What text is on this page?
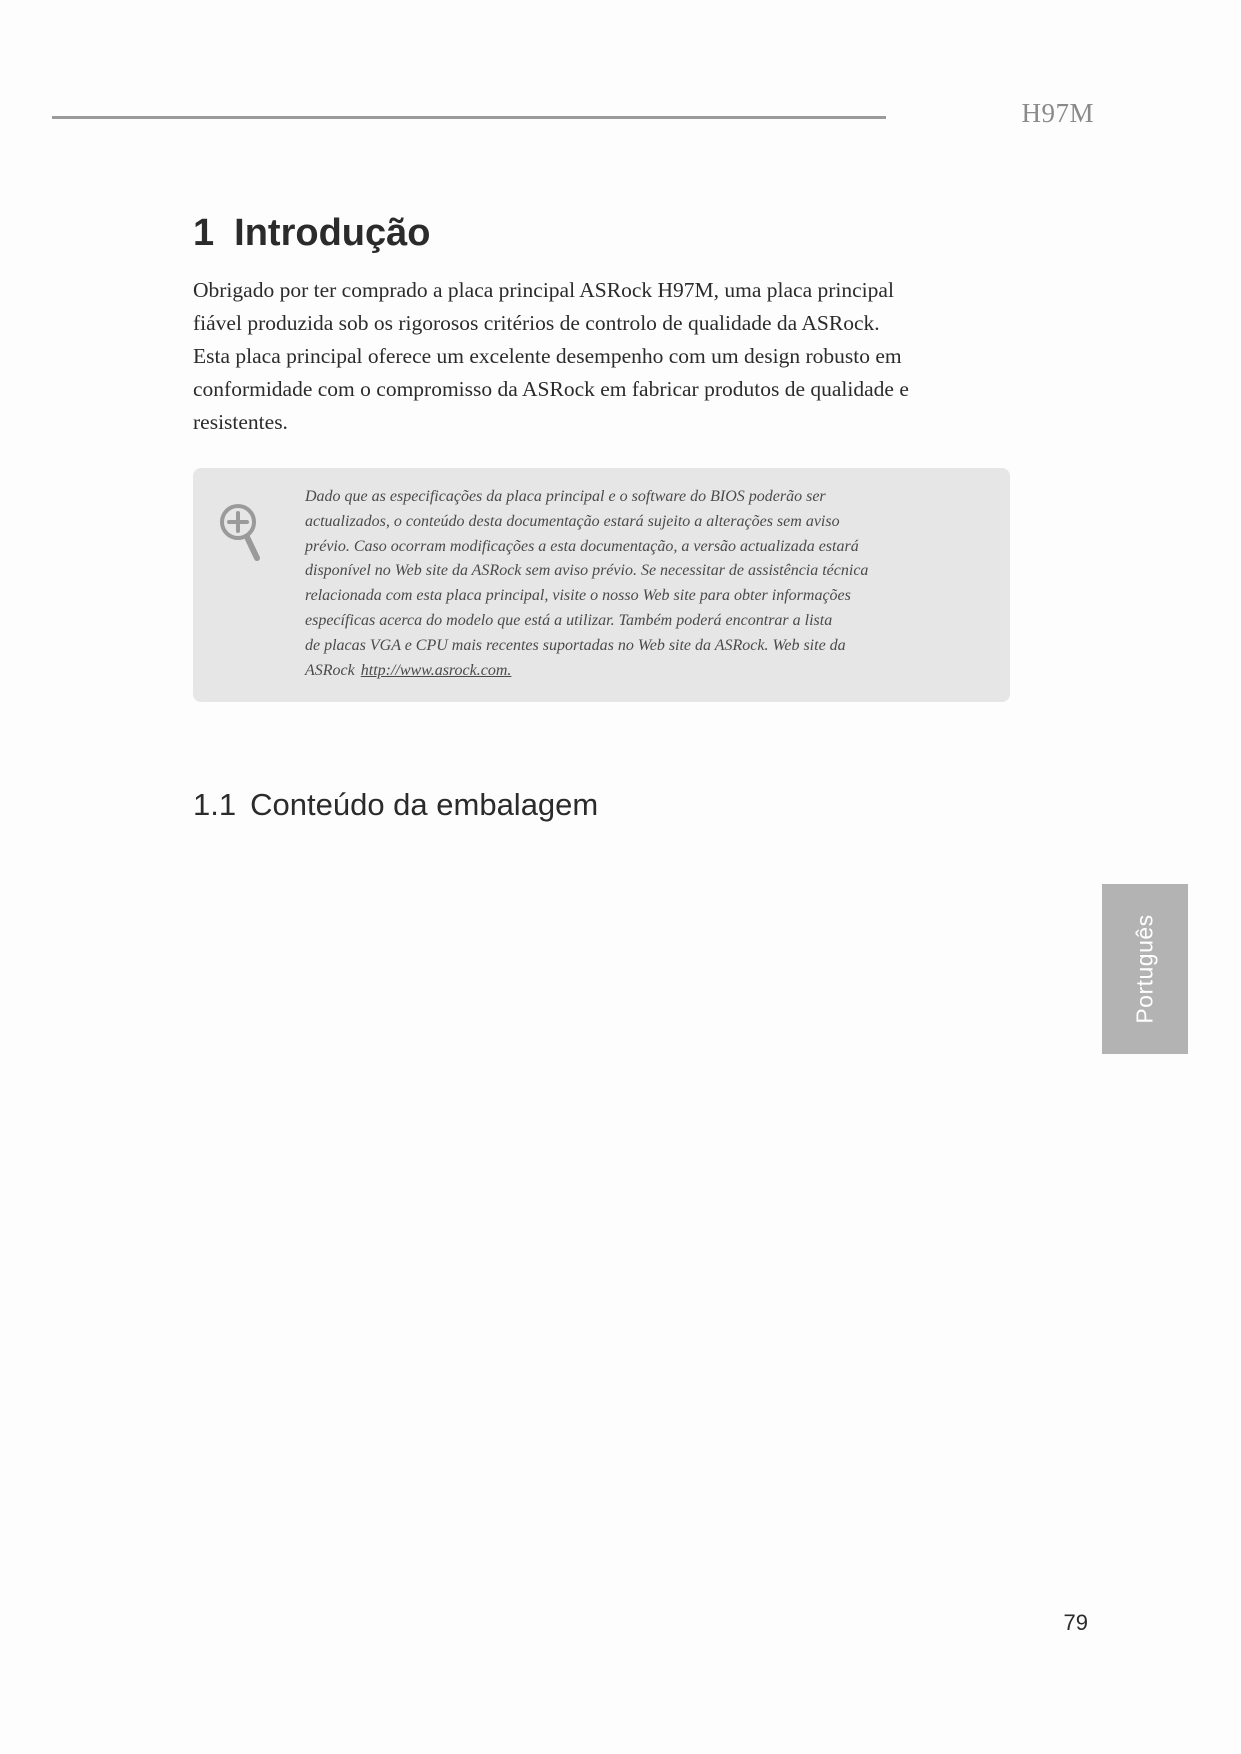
H97M
1 Introdução

Obrigado por ter comprado a placa principal ASRock H97M, uma placa principal
fiável produzida sob os rigorosos critérios de controlo de qualidade da ASRock.
Esta placa principal oferece um excelente desempenho com um design robusto em
conformidade com o compromisso da ASRock em fabricar produtos de qualidade e
resistentes.

Dado que as especificações da placa principal e o software do BIOS poderão ser
actualizados, o conteúdo desta documentação estará sujeito a alterações sem aviso
prévio. Caso ocorram modificações a esta documentação, a versão actualizada estará
disponível no Web site da ASRock sem aviso prévio. Se necessitar de assistência técnica
relacionada com esta placa principal, visite o nosso Web site para obter informações
específicas acerca do modelo que está a utilizar. Também poderá encontrar a lista
de placas VGA e CPU mais recentes suportadas no Web site da ASRock. Web site da
ASRock http://www.asrock.com.

1.1 Conteúdo da embalagem
Português
79
